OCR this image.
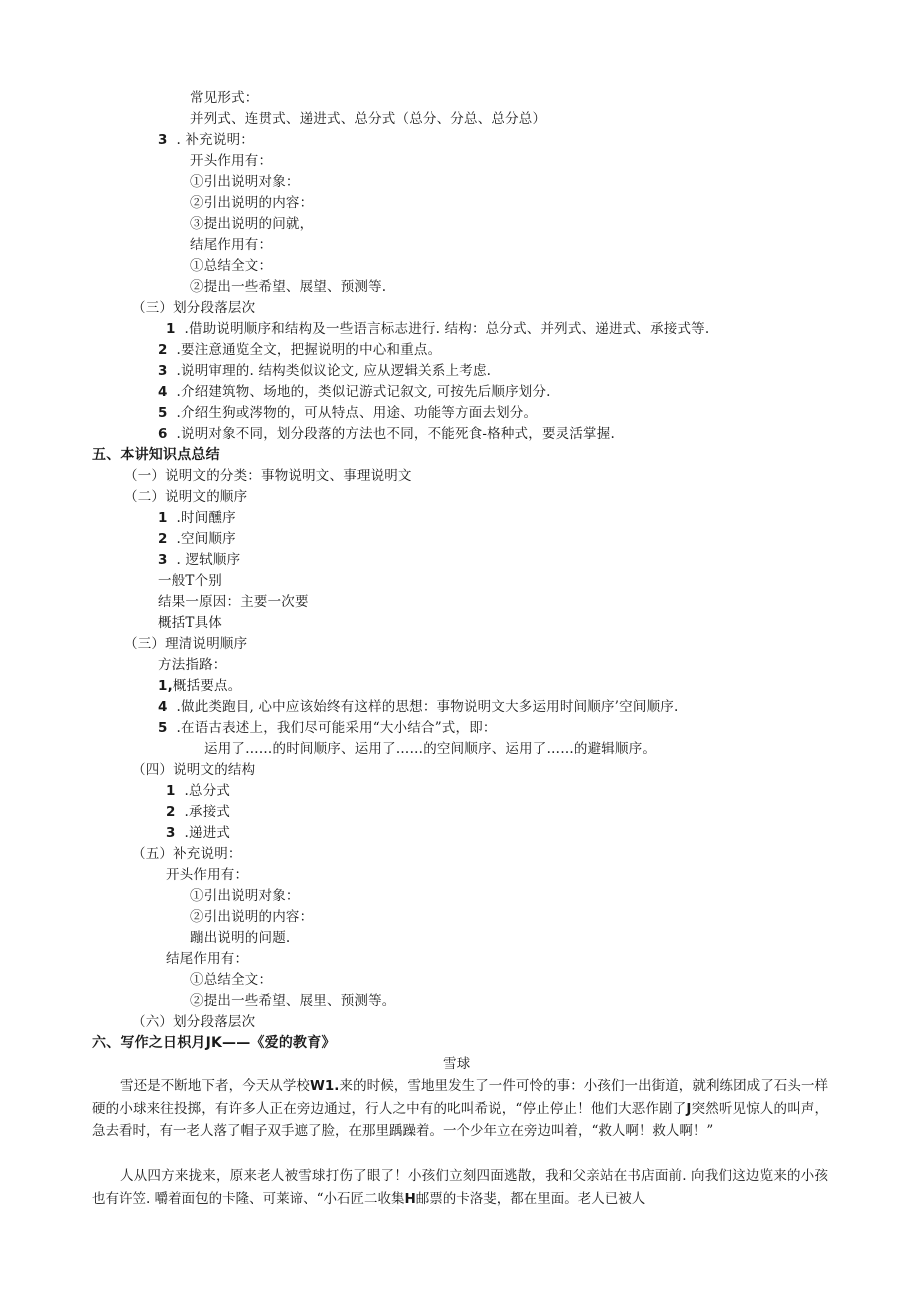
常见形式：
并列式、连贯式、递进式、总分式（总分、分总、总分总）
3 . 补充说明：
开头作用有：
①引出说明对象：
②引出说明的内容：
③提出说明的问就，
结尾作用有：
①总结全文：
②提出一些希望、展望、预测等.
（三）划分段落层次
1 .借助说明顺序和结构及一些语言标志进行. 结构：总分式、并列式、递进式、承接式等.
2 .要注意通览全文，把握说明的中心和重点。
3 .说明审理的. 结构类似议论文, 应从逻辑关系上考虑.
4 .介绍建筑物、场地的，类似记游式记叙文, 可按先后顺序划分.
5 .介绍生狗或涔物的，可从特点、用途、功能等方面去划分。
6 .说明对象不同，划分段落的方法也不同，不能死食-格种式，要灵活掌握.
五、本讲知识点总结
（一）说明文的分类：事物说明文、事理说明文
（二）说明文的顺序
1 .时间醺序
2 .空间顺序
3 . 逻轼顺序
一般T个别
结果一原因：主要一次要
概括T具体
（三）理清说明顺序
方法指路：
1,概括要点。
4 .做此类跑目, 心中应该始终有这样的思想：事物说明文大多运用时间顺序’空间顺序.
5 .在语古表述上，我们尽可能采用“大小结合”式，即：
运用了……的时间顺序、运用了……的空间顺序、运用了……的避辑顺序。
（四）说明文的结构
1 .总分式
2 .承接式
3 .递进式
（五）补充说明：
开头作用有：
①引出说明对象：
②引出说明的内容：
蹦出说明的问题.
结尾作用有：
①总结全文：
②提出一些希望、展里、预测等。
（六）划分段落层次
六、写作之日枳月JK——《爱的教育》
雪球
雪还是不断地下者，今天从学校W1.来的时候，雪地里发生了一件可怜的事：小孩们一出街道，就利练团成了石头一样硬的小球来往投掷，有许多人正在旁边通过，行人之中有的叱叫希说，“停止停止！他们大恶作剧了J突然听见惊人的叫声，急去看时，有一老人落了帽子双手遮了脸，在那里踽躁着。一个少年立在旁边叫着，“救人啊！救人啊！”
人从四方来拢来，原来老人被雪球打伤了眼了！小孩们立刻四面逃散，我和父亲站在书店面前. 向我们这边览来的小孩也有许笠. 嚼着面包的卡隆、可莱谛、“小石匠二收集H邮票的卡洛斐，都在里面。老人已被人
